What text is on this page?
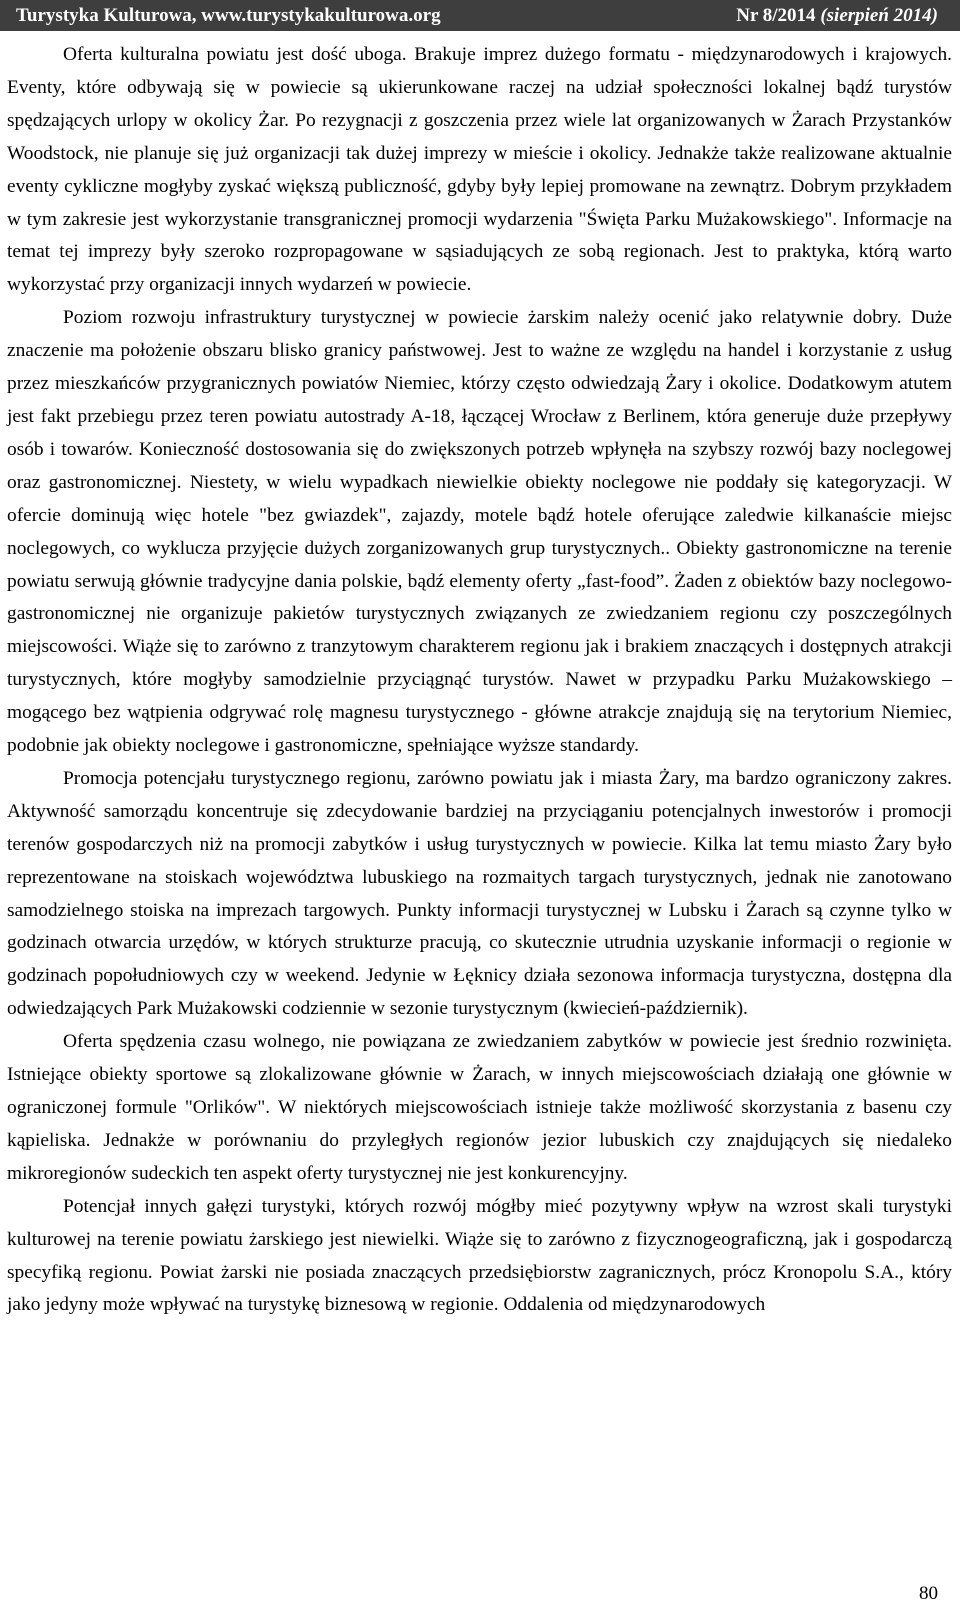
Turystyka Kulturowa, www.turystykakulturowa.org	Nr 8/2014 (sierpień 2014)

Oferta kulturalna powiatu jest dość uboga. Brakuje imprez dużego formatu - międzynarodowych i krajowych. Eventy, które odbywają się w powiecie są ukierunkowane raczej na udział społeczności lokalnej bądź turystów spędzających urlopy w okolicy Żar. Po rezygnacji z goszczenia przez wiele lat organizowanych w Żarach Przystanków Woodstock, nie planuje się już organizacji tak dużej imprezy w mieście i okolicy. Jednakże także realizowane aktualnie eventy cykliczne mogłyby zyskać większą publiczność, gdyby były lepiej promowane na zewnątrz. Dobrym przykładem w tym zakresie jest wykorzystanie transgranicznej promocji wydarzenia "Święta Parku Mużakowskiego". Informacje na temat tej imprezy były szeroko rozpropagowane w sąsiadujących ze sobą regionach. Jest to praktyka, którą warto wykorzystać przy organizacji innych wydarzeń w powiecie.

Poziom rozwoju infrastruktury turystycznej w powiecie żarskim należy ocenić jako relatywnie dobry. Duże znaczenie ma położenie obszaru blisko granicy państwowej. Jest to ważne ze względu na handel i korzystanie z usług przez mieszkańców przygranicznych powiatów Niemiec, którzy często odwiedzają Żary i okolice. Dodatkowym atutem jest fakt przebiegu przez teren powiatu autostrady A-18, łączącej Wrocław z Berlinem, która generuje duże przepływy osób i towarów. Konieczność dostosowania się do zwiększonych potrzeb wpłynęła na szybszy rozwój bazy noclegowej oraz gastronomicznej. Niestety, w wielu wypadkach niewielkie obiekty noclegowe nie poddały się kategoryzacji. W ofercie dominują więc hotele "bez gwiazdek", zajazdy, motele bądź hotele oferujące zaledwie kilkanaście miejsc noclegowych, co wyklucza przyjęcie dużych zorganizowanych grup turystycznych.. Obiekty gastronomiczne na terenie powiatu serwują głównie tradycyjne dania polskie, bądź elementy oferty „fast-food”. Żaden z obiektów bazy noclegowo-gastronomicznej nie organizuje pakietów turystycznych związanych ze zwiedzaniem regionu czy poszczególnych miejscowości. Wiąże się to zarówno z tranzytowym charakterem regionu jak i brakiem znaczących i dostępnych atrakcji turystycznych, które mogłyby samodzielnie przyciągnąć turystów. Nawet w przypadku Parku Mużakowskiego – mogącego bez wątpienia odgrywać rolę magnesu turystycznego - główne atrakcje znajdują się na terytorium Niemiec, podobnie jak obiekty noclegowe i gastronomiczne, spełniające wyższe standardy.

Promocja potencjału turystycznego regionu, zarówno powiatu jak i miasta Żary, ma bardzo ograniczony zakres. Aktywność samorządu koncentruje się zdecydowanie bardziej na przyciąganiu potencjalnych inwestorów i promocji terenów gospodarczych niż na promocji zabytków i usług turystycznych w powiecie. Kilka lat temu miasto Żary było reprezentowane na stoiskach województwa lubuskiego na rozmaitych targach turystycznych, jednak nie zanotowano samodzielnego stoiska na imprezach targowych. Punkty informacji turystycznej w Lubsku i Żarach są czynne tylko w godzinach otwarcia urzędów, w których strukturze pracują, co skutecznie utrudnia uzyskanie informacji o regionie w godzinach popołudniowych czy w weekend. Jedynie w Łęknicy działa sezonowa informacja turystyczna, dostępna dla odwiedzających Park Mużakowski codziennie w sezonie turystycznym (kwiecień-październik).

Oferta spędzenia czasu wolnego, nie powiązana ze zwiedzaniem zabytków w powiecie jest średnio rozwinięta. Istniejące obiekty sportowe są zlokalizowane głównie w Żarach, w innych miejscowościach działają one głównie w ograniczonej formule "Orlików". W niektórych miejscowościach istnieje także możliwość skorzystania z basenu czy kąpieliska. Jednakże w porównaniu do przyległych regionów jezior lubuskich czy znajdujących się niedaleko mikroregionów sudeckich ten aspekt oferty turystycznej nie jest konkurencyjny.

Potencjał innych gałęzi turystyki, których rozwój mógłby mieć pozytywny wpływ na wzrost skali turystyki kulturowej na terenie powiatu żarskiego jest niewielki. Wiąże się to zarówno z fizycznogeograficzną, jak i gospodarczą specyfiką regionu. Powiat żarski nie posiada znaczących przedsiębiorstw zagranicznych, prócz Kronopolu S.A., który jako jedyny może wpływać na turystykę biznesową w regionie. Oddalenia od międzynarodowych

80
